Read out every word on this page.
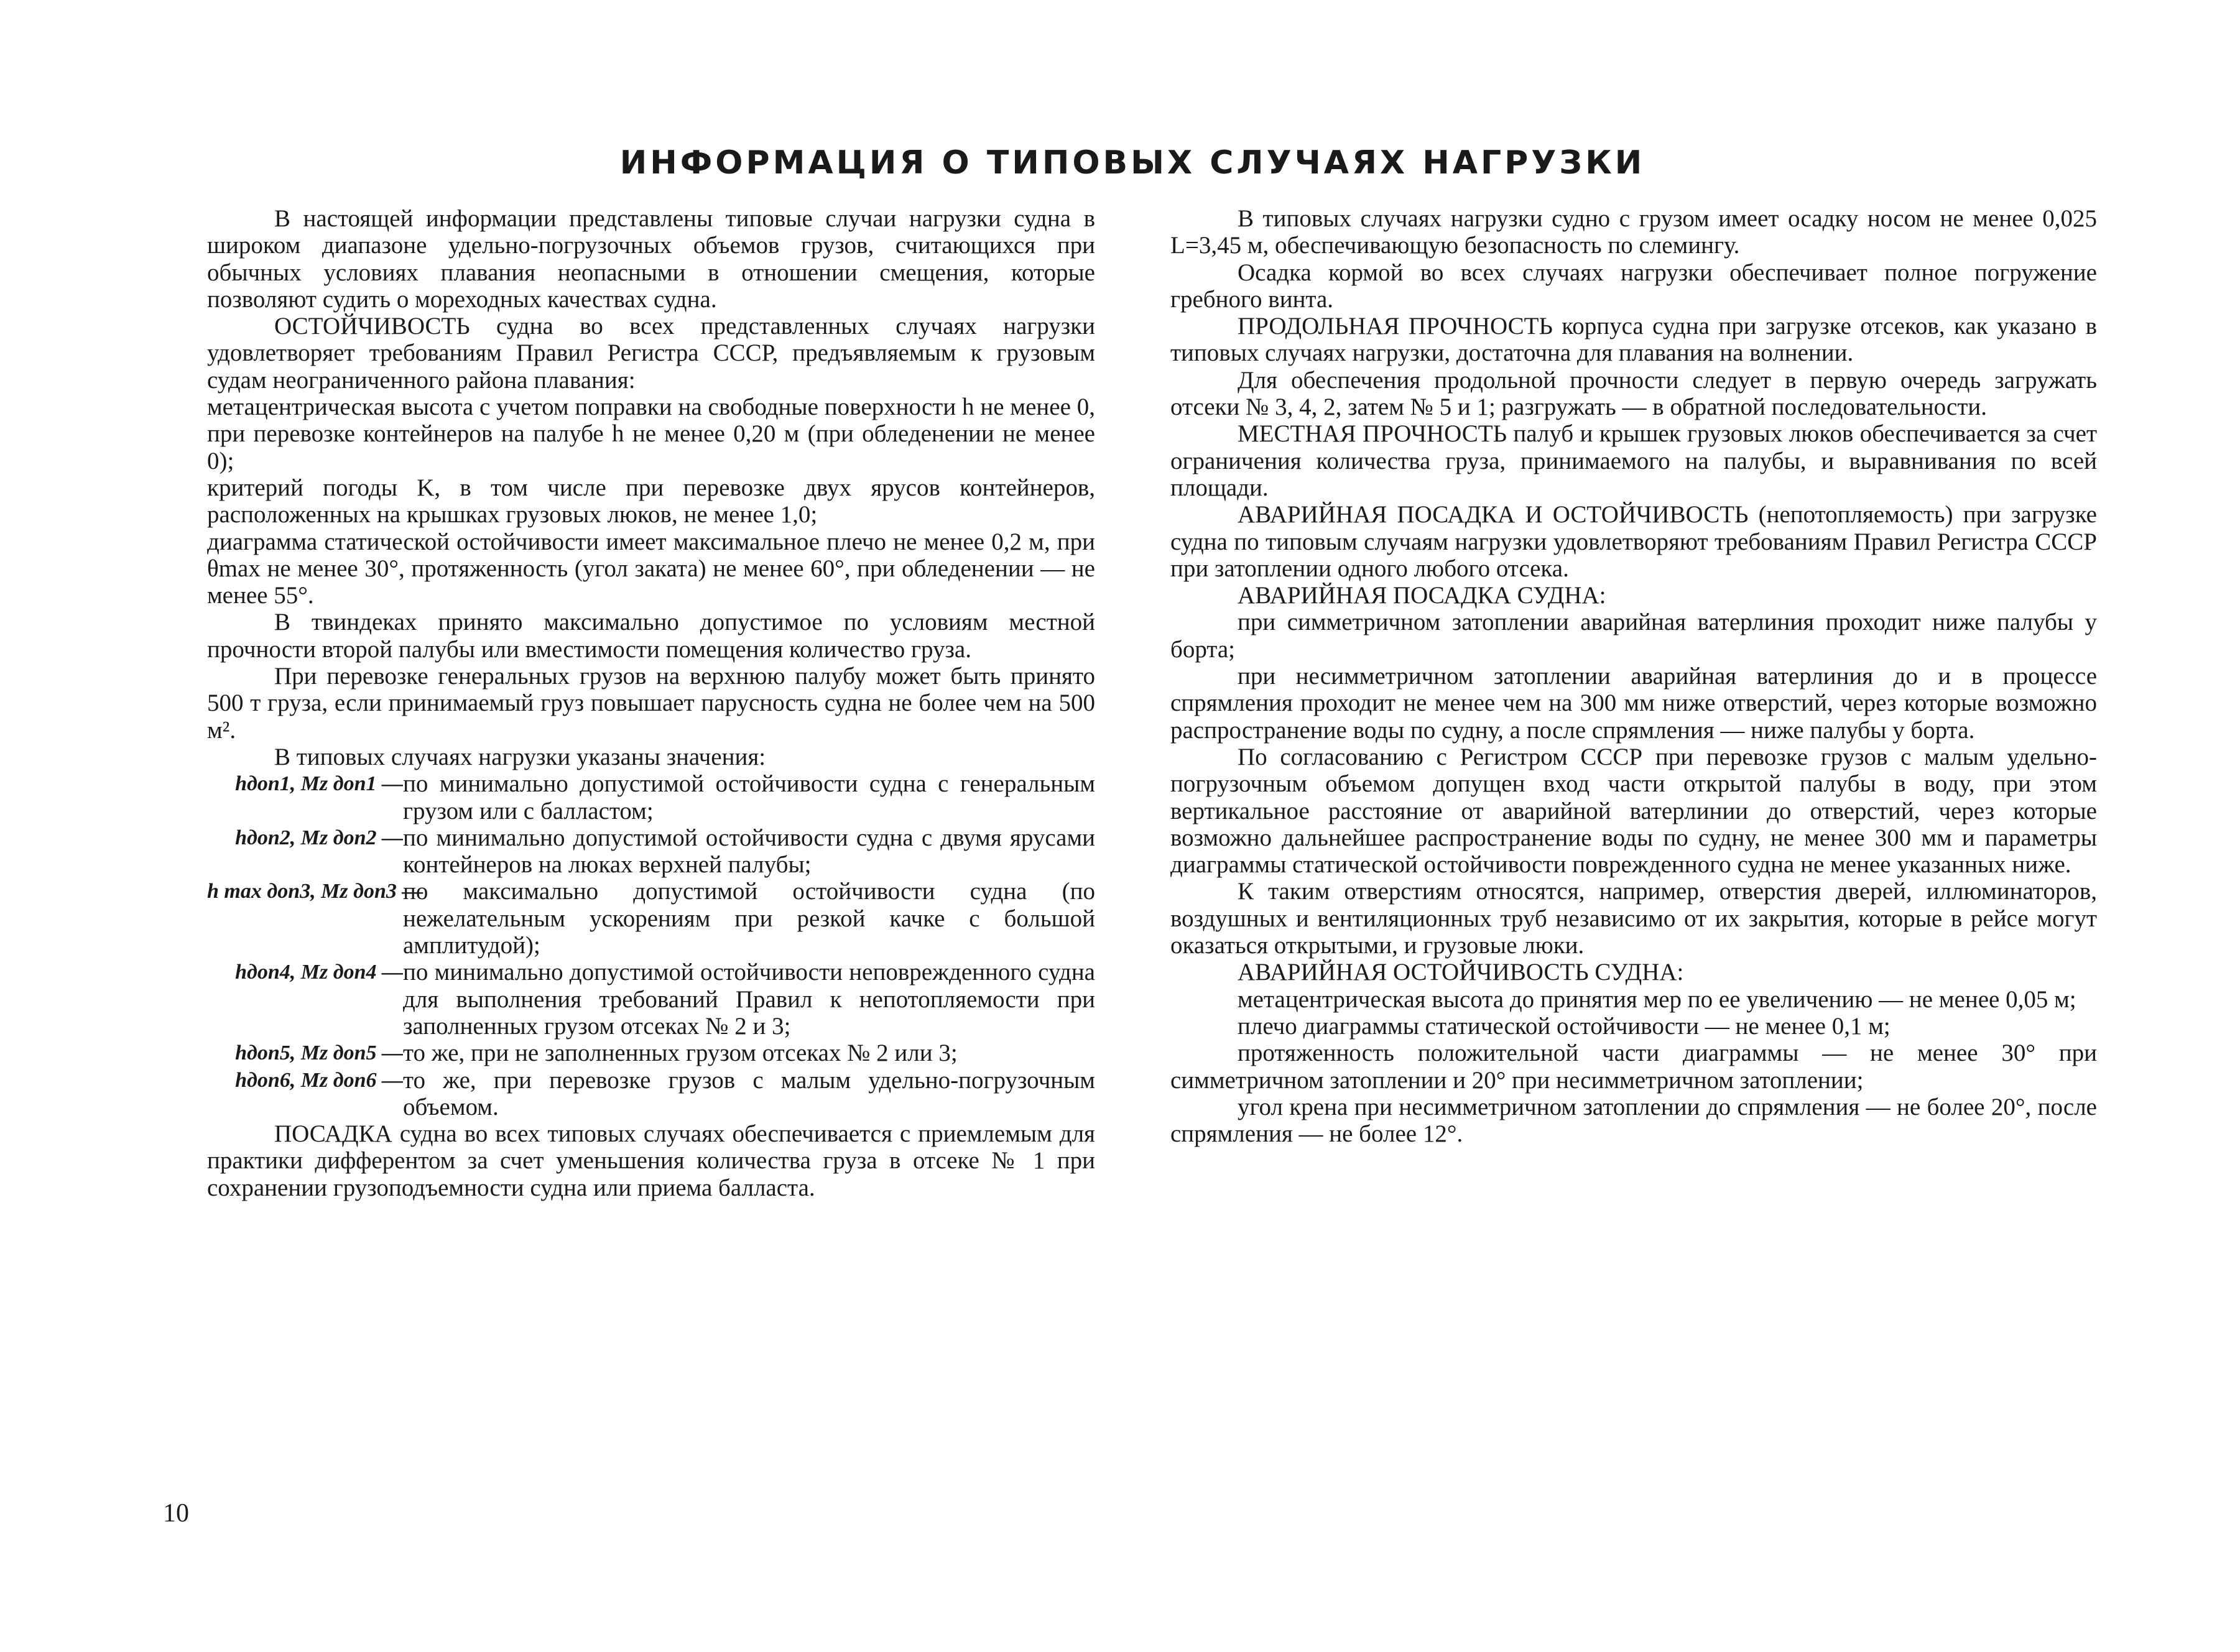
ИНФОРМАЦИЯ О ТИПОВЫХ СЛУЧАЯХ НАГРУЗКИ

В настоящей информации представлены типовые случаи нагрузки судна в широком диапазоне удельно-погрузочных объемов грузов, считающихся при обычных условиях плавания неопасными в отношении смещения, которые позволяют судить о мореходных качествах судна.

ОСТОЙЧИВОСТЬ судна во всех представленных случаях нагрузки удовлетворяет требованиям Правил Регистра СССР, предъявляемым к грузовым судам неограниченного района плавания:

метацентрическая высота с учетом поправки на свободные поверхности h не менее 0, при перевозке контейнеров на палубе h не менее 0,20 м (при обледенении не менее 0);

критерий погоды K, в том числе при перевозке двух ярусов контейнеров, расположенных на крышках грузовых люков, не менее 1,0;

диаграмма статической остойчивости имеет максимальное плечо не менее 0,2 м, при θmax не менее 30°, протяженность (угол заката) не менее 60°, при обледенении — не менее 55°.

В твиндеках принято максимально допустимое по условиям местной прочности второй палубы или вместимости помещения количество груза.

При перевозке генеральных грузов на верхнюю палубу может быть принято 500 т груза, если принимаемый груз повышает парусность судна не более чем на 500 м².

В типовых случаях нагрузки указаны значения:

hдоп1, Mz доп1 — по минимально допустимой остойчивости судна с генеральным грузом или с балластом;
hдоп2, Mz доп2 — по минимально допустимой остойчивости судна с двумя ярусами контейнеров на люках верхней палубы;
h max доп3, Mz доп3 —
по максимально допустимой остойчивости судна (по нежелательным ускорениям при резкой качке с большой амплитудой);
hдоп4, Mz доп4 — по минимально допустимой остойчивости неповрежденного судна для выполнения требований Правил к непотопляемости при заполненных грузом отсеках № 2 и 3;
hдоп5, Mz доп5 — то же, при не заполненных грузом отсеках № 2 или 3;
hдоп6, Mz доп6 — то же, при перевозке грузов с малым удельно-погрузочным объемом.

ПОСАДКА судна во всех типовых случаях обеспечивается с приемлемым для практики дифферентом за счет уменьшения количества груза в отсеке № 1 при сохранении грузоподъемности судна или приема балласта.

В типовых случаях нагрузки судно с грузом имеет осадку носом не менее 0,025 L=3,45 м, обеспечивающую безопасность по слемингу.

Осадка кормой во всех случаях нагрузки обеспечивает полное погружение гребного винта.

ПРОДОЛЬНАЯ ПРОЧНОСТЬ корпуса судна при загрузке отсеков, как указано в типовых случаях нагрузки, достаточна для плавания на волнении.

Для обеспечения продольной прочности следует в первую очередь загружать отсеки № 3, 4, 2, затем № 5 и 1; разгружать — в обратной последовательности.

МЕСТНАЯ ПРОЧНОСТЬ палуб и крышек грузовых люков обеспечивается за счет ограничения количества груза, принимаемого на палубы, и выравнивания по всей площади.

АВАРИЙНАЯ ПОСАДКА И ОСТОЙЧИВОСТЬ (непотопляемость) при загрузке судна по типовым случаям нагрузки удовлетворяют требованиям Правил Регистра СССР при затоплении одного любого отсека.

АВАРИЙНАЯ ПОСАДКА СУДНА:

при симметричном затоплении аварийная ватерлиния проходит ниже палубы у борта;

при несимметричном затоплении аварийная ватерлиния до и в процессе спрямления проходит не менее чем на 300 мм ниже отверстий, через которые возможно распространение воды по судну, а после спрямления — ниже палубы у борта.

По согласованию с Регистром СССР при перевозке грузов с малым удельно-погрузочным объемом допущен вход части открытой палубы в воду, при этом вертикальное расстояние от аварийной ватерлинии до отверстий, через которые возможно дальнейшее распространение воды по судну, не менее 300 мм и параметры диаграммы статической остойчивости поврежденного судна не менее указанных ниже.

К таким отверстиям относятся, например, отверстия дверей, иллюминаторов, воздушных и вентиляционных труб независимо от их закрытия, которые в рейсе могут оказаться открытыми, и грузовые люки.

АВАРИЙНАЯ ОСТОЙЧИВОСТЬ СУДНА:

метацентрическая высота до принятия мер по ее увеличению — не менее 0,05 м;

плечо диаграммы статической остойчивости — не менее 0,1 м;

протяженность положительной части диаграммы — не менее 30° при симметричном затоплении и 20° при несимметричном затоплении;

угол крена при несимметричном затоплении до спрямления — не более 20°, после спрямления — не более 12°.

10
